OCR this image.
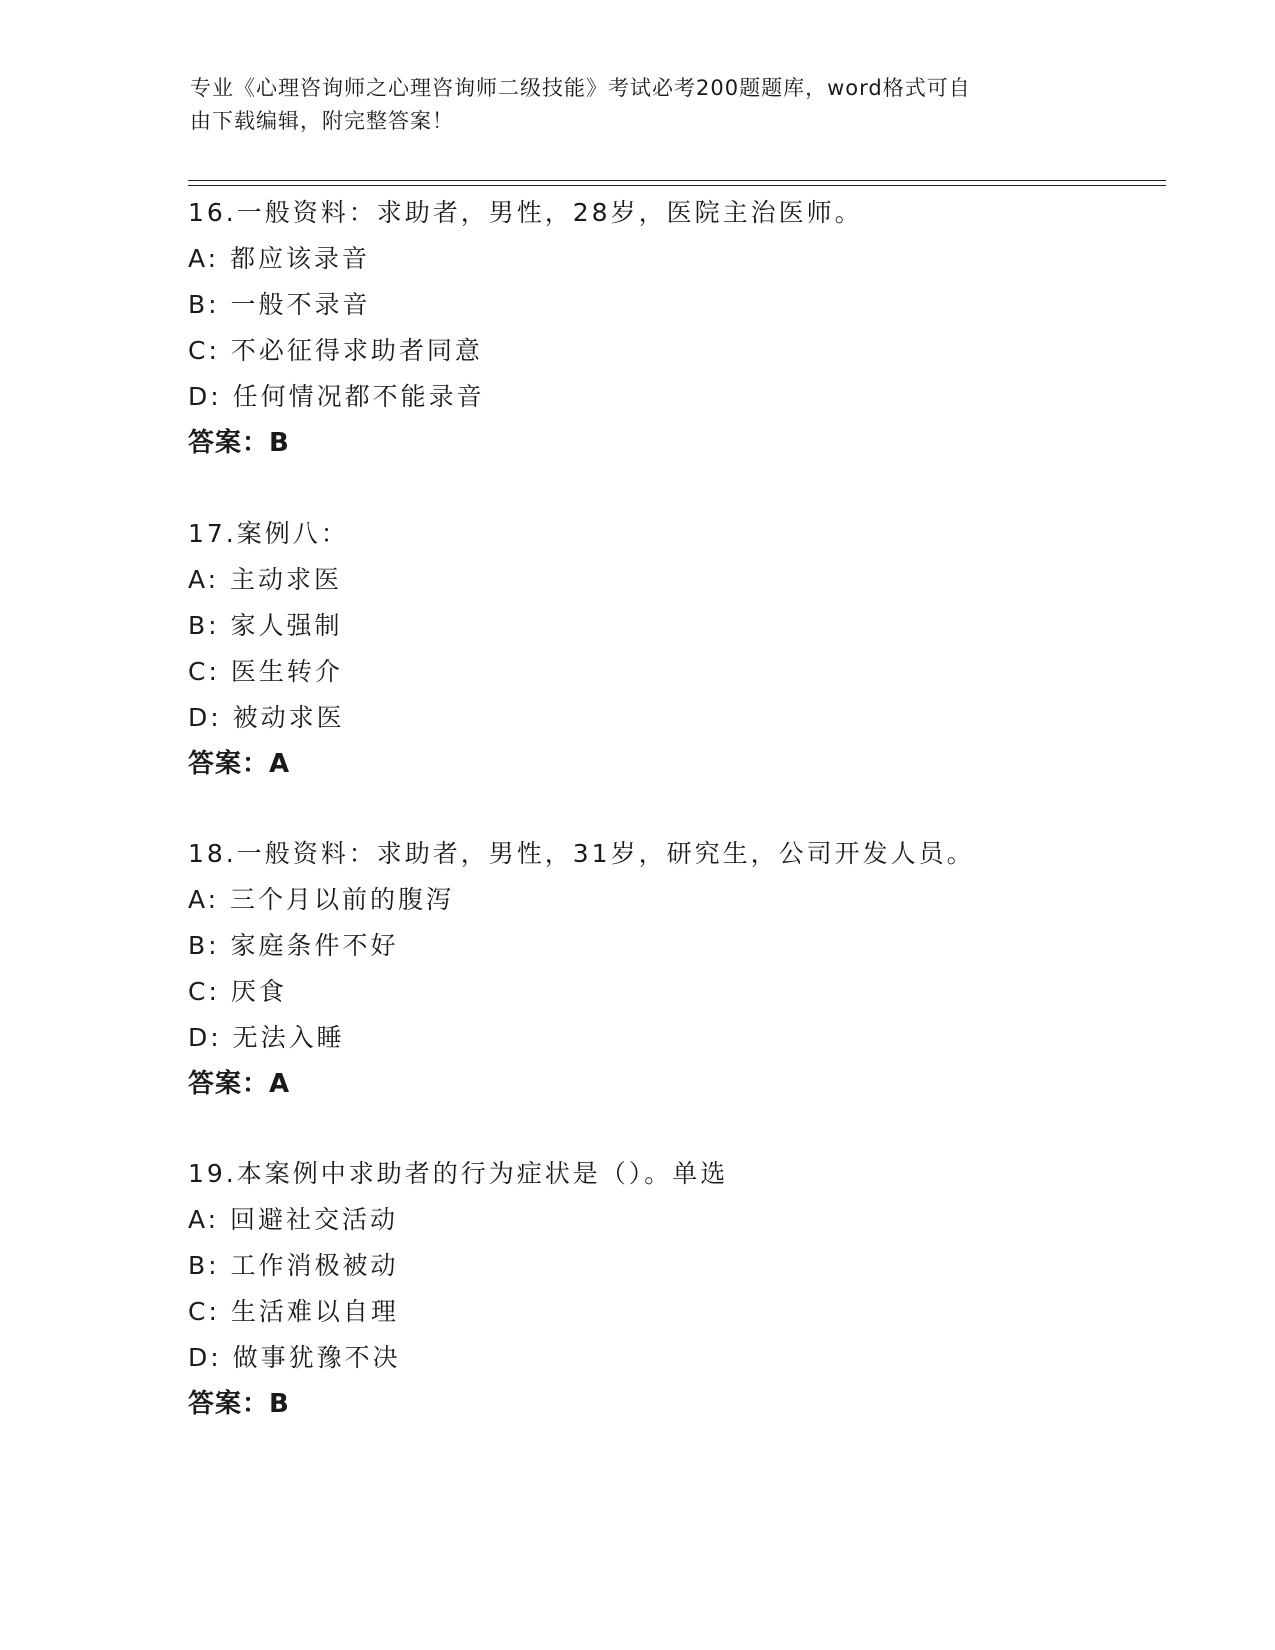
专业《心理咨询师之心理咨询师二级技能》考试必考200题题库，word格式可自
由下载编辑，附完整答案！
16.一般资料：求助者，男性，28岁，医院主治医师。
A: 都应该录音
B: 一般不录音
C: 不必征得求助者同意
D: 任何情况都不能录音
答案：B
17.案例八：
A: 主动求医
B: 家人强制
C: 医生转介
D: 被动求医
答案：A
18.一般资料：求助者，男性，31岁，研究生，公司开发人员。
A: 三个月以前的腹泻
B: 家庭条件不好
C: 厌食
D: 无法入睡
答案：A
19.本案例中求助者的行为症状是（）。单选
A: 回避社交活动
B: 工作消极被动
C: 生活难以自理
D: 做事犹豫不决
答案：B
